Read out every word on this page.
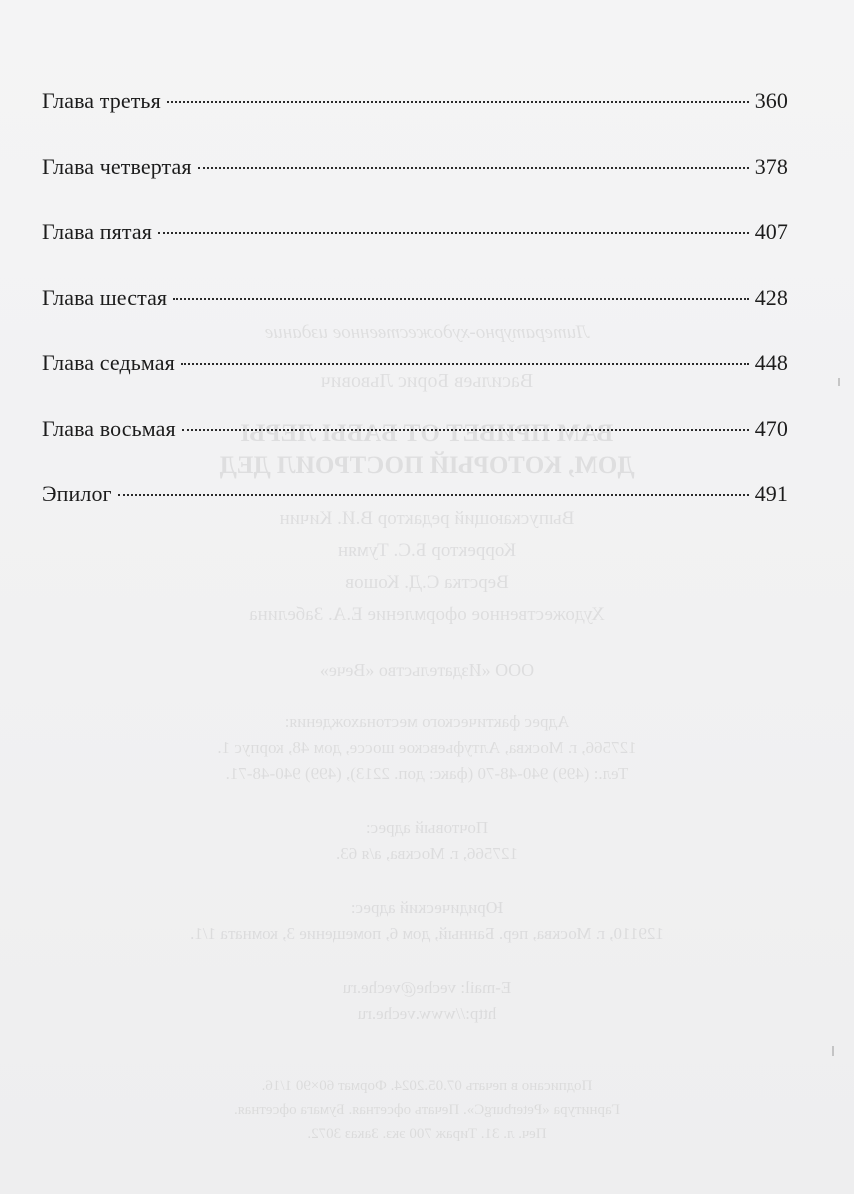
Литературно-художественное издание
Васильев Борис Львович
ВАМ ПРИВЕТ ОТ БАБЫ ЛЕРЫ
ДОМ, КОТОРЫЙ ПОСТРОИЛ ДЕД
Выпускающий редактор В.И. Кичин
Корректор Б.С. Тумян
Верстка С.Д. Кошов
Художественное оформление Е.А. Забелина
ООО «Издательство «Вече»
Адрес фактического местонахождения:
127566, г. Москва, Алтуфьевское шоссе, дом 48, корпус 1.
Тел.: (499) 940-48-70 (факс: доп. 2213), (499) 940-48-71.
Почтовый адрес:
127566, г. Москва, а/я 63.
Юридический адрес:
129110, г. Москва, пер. Банный, дом 6, помещение 3, комната 1/1.
E-mail: veche@veche.ru
http://www.veche.ru
Подписано в печать 07.05.2024. Формат 60×90 1/16.
Гарнитура «PeterburgC». Печать офсетная. Бумага офсетная.
Печ. л. 31. Тираж 700 экз. Заказ 3072.
Глава третья	360
Глава четвертая	378
Глава пятая	407
Глава шестая	428
Глава седьмая	448
Глава восьмая	470
Эпилог	491
